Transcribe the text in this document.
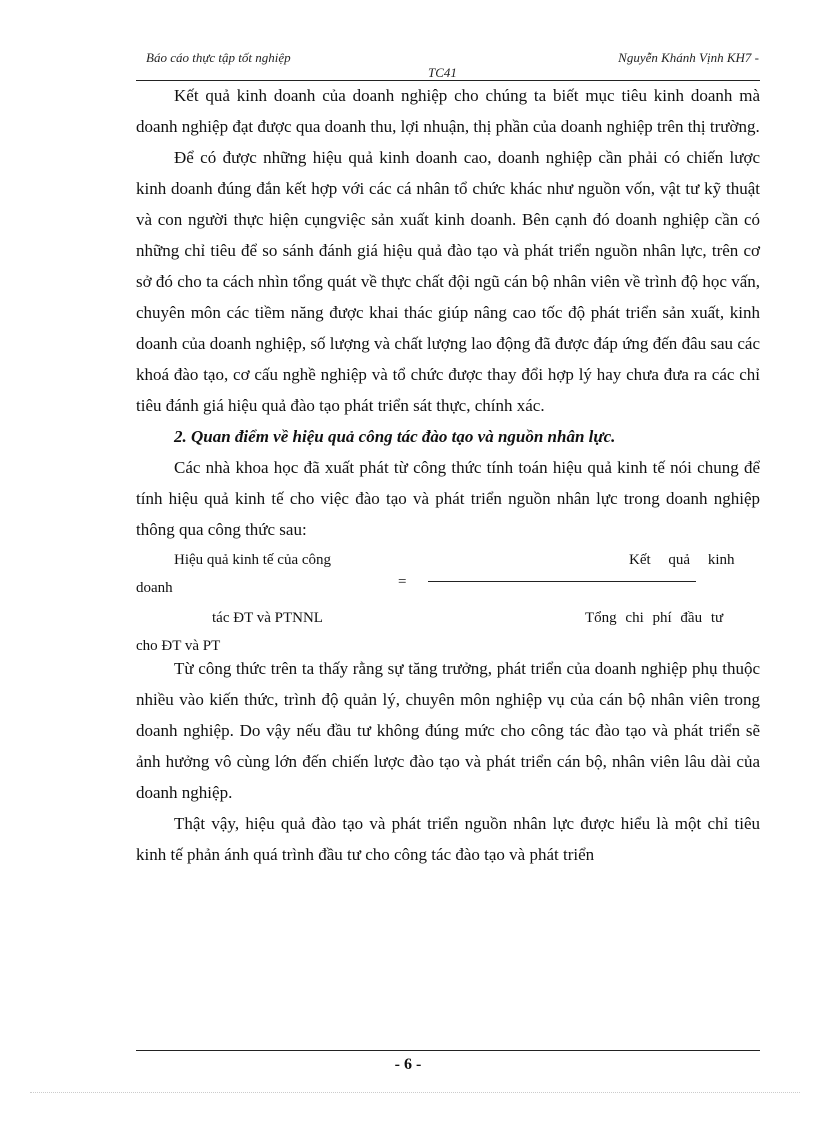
Báo cáo thực tập tốt nghiệp	Nguyễn Khánh Vịnh KH7 -
TC41

Kết quả kinh doanh của doanh nghiệp cho chúng ta biết mục tiêu kinh doanh mà doanh nghiệp đạt được qua doanh thu, lợi nhuận, thị phần của doanh nghiệp trên thị trường.

Để có được những hiệu quả kinh doanh cao, doanh nghiệp cần phải có chiến lược kinh doanh đúng đắn kết hợp với các cá nhân tổ chức khác như nguồn vốn, vật tư kỹ thuật và con người thực hiện cụngviệc sản xuất kinh doanh. Bên cạnh đó doanh nghiệp cần có những chỉ tiêu để so sánh đánh giá hiệu quả đào tạo và phát triển nguồn nhân lực, trên cơ sở đó cho ta cách nhìn tổng quát về thực chất đội ngũ cán bộ nhân viên về trình độ học vấn, chuyên môn các tiềm năng được khai thác giúp nâng cao tốc độ phát triển sản xuất, kinh doanh của doanh nghiệp, số lượng và chất lượng lao động đã được đáp ứng đến đâu sau các khoá đào tạo, cơ cấu nghề nghiệp và tổ chức được thay đổi hợp lý hay chưa đưa ra các chỉ tiêu đánh giá hiệu quả đào tạo phát triển sát thực, chính xác.

2. Quan điểm về hiệu quả công tác đào tạo và nguồn nhân lực.

Các nhà khoa học đã xuất phát từ công thức tính toán hiệu quả kinh tế nói chung để tính hiệu quả kinh tế cho việc đào tạo và phát triển nguồn nhân lực trong doanh nghiệp thông qua công thức sau:

Hiệu quả kinh tế của công
doanh	=
Kết quả kinh
tác ĐT và PTNNL	Tổng chi phí đầu tư
cho ĐT và PT

Từ công thức trên ta thấy rằng sự tăng trưởng, phát triển của doanh nghiệp phụ thuộc nhiều vào kiến thức, trình độ quản lý, chuyên môn nghiệp vụ của cán bộ nhân viên trong doanh nghiệp. Do vậy nếu đầu tư không đúng mức cho công tác đào tạo và phát triển sẽ ảnh hưởng vô cùng lớn đến chiến lược đào tạo và phát triển cán bộ, nhân viên lâu dài của doanh nghiệp.

Thật vậy, hiệu quả đào tạo và phát triển nguồn nhân lực được hiểu là một chỉ tiêu kinh tế phản ánh quá trình đầu tư cho công tác đào tạo và phát triển

- 6 -
